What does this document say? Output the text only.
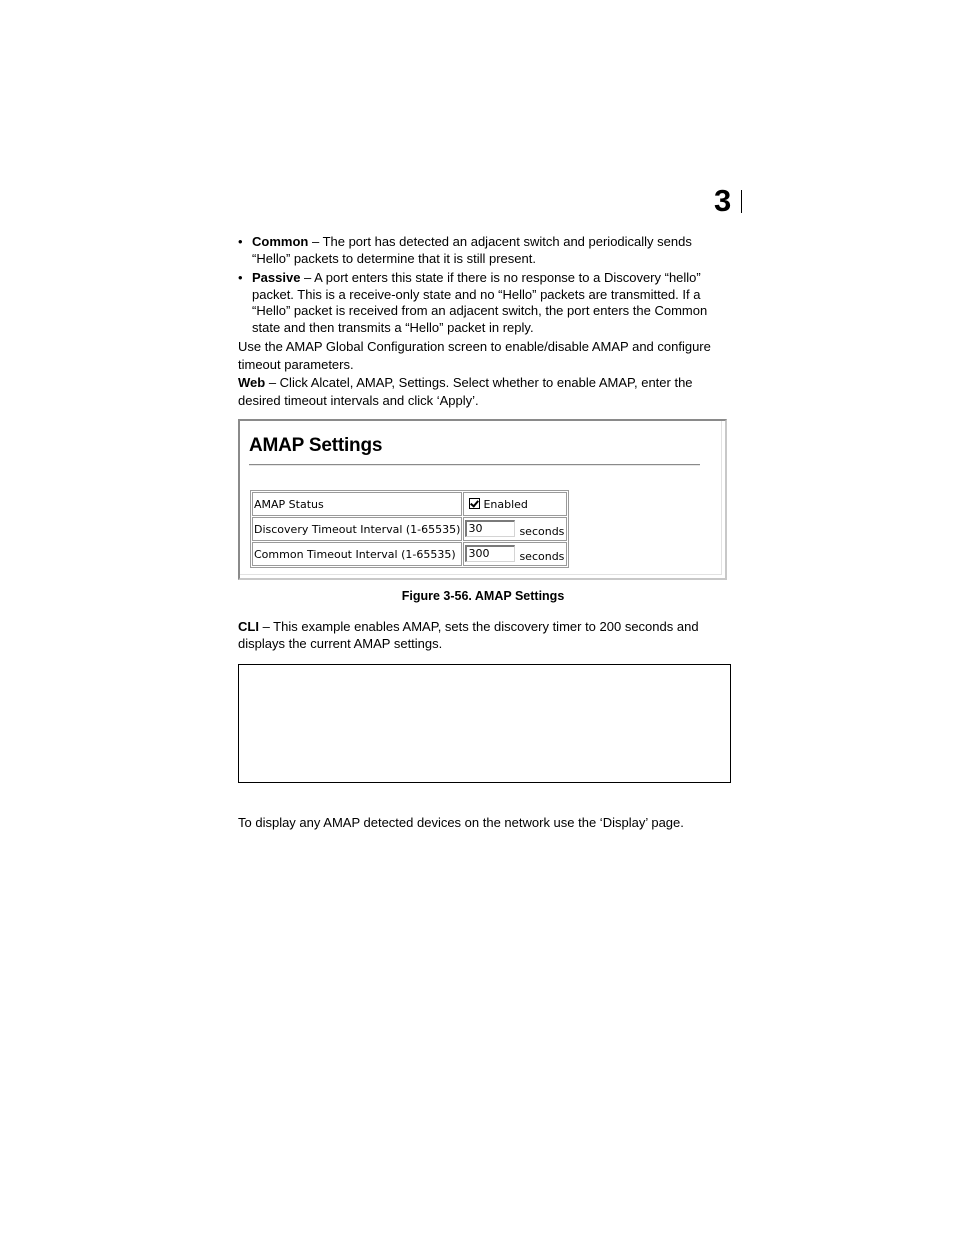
3
• Common – The port has detected an adjacent switch and periodically sends “Hello” packets to determine that it is still present.
• Passive – A port enters this state if there is no response to a Discovery “hello” packet. This is a receive-only state and no “Hello” packets are transmitted. If a “Hello” packet is received from an adjacent switch, the port enters the Common state and then transmits a “Hello” packet in reply.
Use the AMAP Global Configuration screen to enable/disable AMAP and configure timeout parameters.
Web – Click Alcatel, AMAP, Settings. Select whether to enable AMAP, enter the desired timeout intervals and click ‘Apply’.
AMAP Settings
AMAP Status	Enabled
Discovery Timeout Interval (1-65535)	30 seconds
Common Timeout Interval (1-65535)	300 seconds
Figure 3-56. AMAP Settings
CLI – This example enables AMAP, sets the discovery timer to 200 seconds and displays the current AMAP settings.
To display any AMAP detected devices on the network use the ‘Display’ page.
